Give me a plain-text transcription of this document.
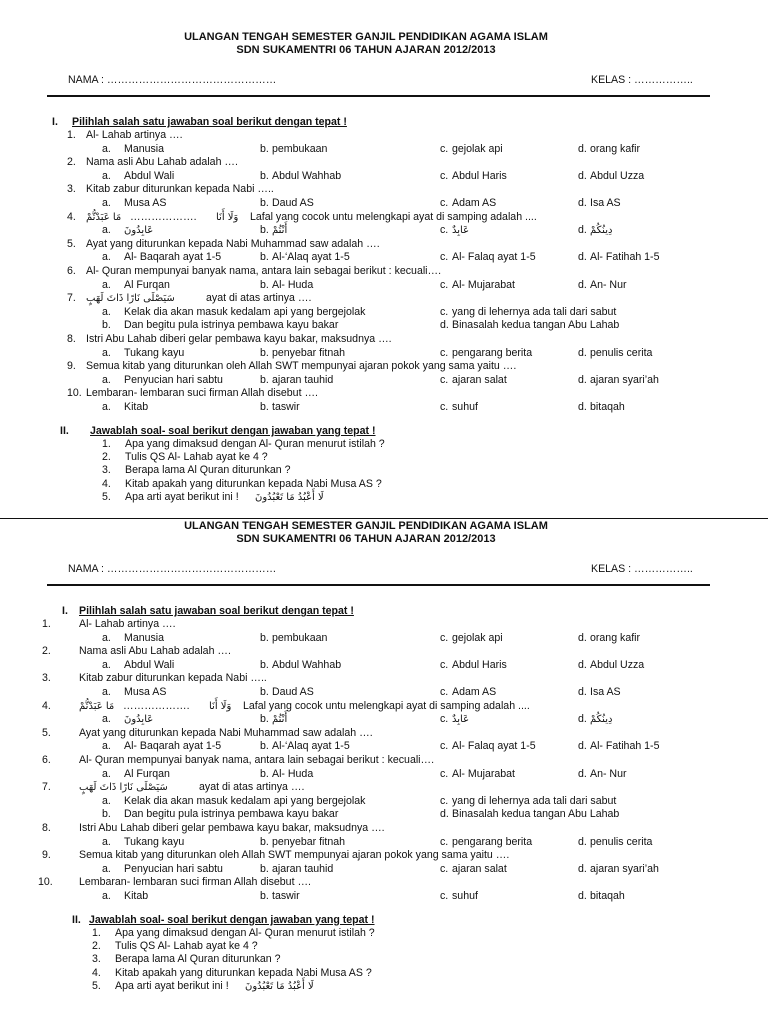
ULANGAN TENGAH SEMESTER GANJIL PENDIDIKAN AGAMA ISLAM
SDN SUKAMENTRI 06 TAHUN AJARAN 2012/2013
NAMA : …………………………………………	KELAS : ……………..
I. Pilihlah salah satu jawaban soal berikut dengan tepat !
1. Al- Lahab artinya ….
a. Manusia	b. pembukaan	c. gejolak api	d. orang kafir
2. Nama asli Abu Lahab adalah ….
a. Abdul Wali	b. Abdul Wahhab	c. Abdul Haris	d. Abdul Uzza
3. Kitab zabur diturunkan kepada Nabi …..
a. Musa AS	b. Daud AS	c. Adam AS	d. Isa AS
4. مَا عَبَدْتُّمْ ………………. وَلَا أَنَا Lafal yang cocok untu melengkapi ayat di samping adalah ....
a. عَابِدُونَ	b. أَنْتُمْ	c. عَابِدٌ	d. دِينُكُمْ
5. Ayat yang diturunkan kepada Nabi Muhammad saw adalah ….
a. Al- Baqarah ayat 1-5	b. Al-‘Alaq ayat 1-5	c. Al- Falaq ayat 1-5	d. Al- Fatihah 1-5
6. Al- Quran mempunyai banyak nama, antara lain sebagai berikut : kecuali….
a. Al Furqan	b. Al- Huda	c. Al- Mujarabat	d. An- Nur
7. سَيَصْلَى نَارًا ذَاتَ لَهَبٍ	ayat di atas artinya ….
a. Kelak dia akan masuk kedalam api yang bergejolak	c. yang di lehernya ada tali dari sabut
b. Dan begitu pula istrinya pembawa kayu bakar	d. Binasalah kedua tangan Abu Lahab
8. Istri Abu Lahab diberi gelar pembawa kayu bakar, maksudnya ….
a. Tukang kayu	b. penyebar fitnah	c. pengarang berita	d. penulis cerita
9. Semua kitab yang diturunkan oleh Allah SWT mempunyai ajaran pokok yang sama yaitu ….
a. Penyucian hari sabtu	b. ajaran tauhid	c. ajaran salat	d. ajaran syari’ah
10. Lembaran- lembaran suci firman Allah disebut ….
a. Kitab	b. taswir	c. suhuf	d. bitaqah
II. Jawablah soal- soal berikut dengan jawaban yang tepat !
1. Apa yang dimaksud dengan Al- Quran menurut istilah ?
2. Tulis QS Al- Lahab ayat ke 4 ?
3. Berapa lama Al Quran diturunkan ?
4. Kitab apakah yang diturunkan kepada Nabi Musa AS ?
5. Apa arti ayat berikut ini ! لَا أَعْبُدُ مَا تَعْبُدُونَ
ULANGAN TENGAH SEMESTER GANJIL PENDIDIKAN AGAMA ISLAM
SDN SUKAMENTRI 06 TAHUN AJARAN 2012/2013
NAMA : …………………………………………	KELAS : ……………..
I. Pilihlah salah satu jawaban soal berikut dengan tepat !
1.	Al- Lahab artinya ….
a. Manusia	b. pembukaan	c. gejolak api	d. orang kafir
2.	Nama asli Abu Lahab adalah ….
a. Abdul Wali	b. Abdul Wahhab	c. Abdul Haris	d. Abdul Uzza
3.	Kitab zabur diturunkan kepada Nabi …..
a. Musa AS	b. Daud AS	c. Adam AS	d. Isa AS
4.	مَا عَبَدْتُّمْ ………………. وَلَا أَنَا Lafal yang cocok untu melengkapi ayat di samping adalah ....
a. عَابِدُونَ	b. أَنْتُمْ	c. عَابِدٌ	d. دِينُكُمْ
5.	Ayat yang diturunkan kepada Nabi Muhammad saw adalah ….
a. Al- Baqarah ayat 1-5	b. Al-‘Alaq ayat 1-5	c. Al- Falaq ayat 1-5	d. Al- Fatihah 1-5
6.	Al- Quran mempunyai banyak nama, antara lain sebagai berikut : kecuali….
a. Al Furqan	b. Al- Huda	c. Al- Mujarabat	d. An- Nur
7.	سَيَصْلَى نَارًا ذَاتَ لَهَبٍ	ayat di atas artinya ….
a. Kelak dia akan masuk kedalam api yang bergejolak	c. yang di lehernya ada tali dari sabut
b. Dan begitu pula istrinya pembawa kayu bakar	d. Binasalah kedua tangan Abu Lahab
8.	Istri Abu Lahab diberi gelar pembawa kayu bakar, maksudnya ….
a. Tukang kayu	b. penyebar fitnah	c. pengarang berita	d. penulis cerita
9.	Semua kitab yang diturunkan oleh Allah SWT mempunyai ajaran pokok yang sama yaitu ….
a. Penyucian hari sabtu	b. ajaran tauhid	c. ajaran salat	d. ajaran syari’ah
10. Lembaran- lembaran suci firman Allah disebut ….
a. Kitab	b. taswir	c. suhuf	d. bitaqah
II. Jawablah soal- soal berikut dengan jawaban yang tepat !
1. Apa yang dimaksud dengan Al- Quran menurut istilah ?
2. Tulis QS Al- Lahab ayat ke 4 ?
3. Berapa lama Al Quran diturunkan ?
4. Kitab apakah yang diturunkan kepada Nabi Musa AS ?
5. Apa arti ayat berikut ini ! لَا أَعْبُدُ مَا تَعْبُدُونَ
